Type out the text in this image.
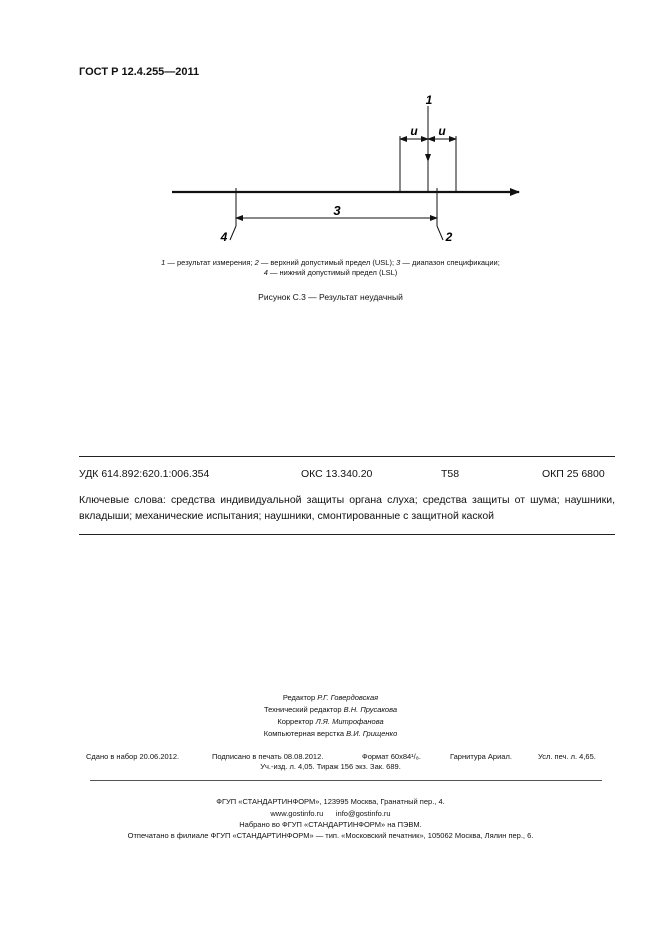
ГОСТ Р 12.4.255—2011
1
u u
3
4	2
1 — результат измерения; 2 — верхний допустимый предел (USL); 3 — диапазон спецификации;
4 — нижний допустимый предел (LSL)
Рисунок С.3 — Результат неудачный
УДК 614.892:620.1:006.354	ОКС 13.340.20	Т58	ОКП 25 6800
Ключевые слова: средства индивидуальной защиты органа слуха; средства защиты от шума; наушники, вкладыши; механические испытания; наушники, смонтированные с защитной каской
Редактор Р.Г. Говердовская
Технический редактор В.Н. Прусакова
Корректор Л.Я. Митрофанова
Компьютерная верстка В.И. Грищенко
Сдано в набор 20.06.2012.	Подписано в печать 08.08.2012.	Формат 60x84¹/₈.	Гарнитура Ариал.	Усл. печ. л. 4,65.
Уч.-изд. л. 4,05. Тираж 156 экз. Зак. 689.
ФГУП «СТАНДАРТИНФОРМ», 123995 Москва, Гранатный пер., 4.
www.gostinfo.ru info@gostinfo.ru
Набрано во ФГУП «СТАНДАРТИНФОРМ» на ПЭВМ.
Отпечатано в филиале ФГУП «СТАНДАРТИНФОРМ» — тип. «Московский печатник», 105062 Москва, Лялин пер., 6.
